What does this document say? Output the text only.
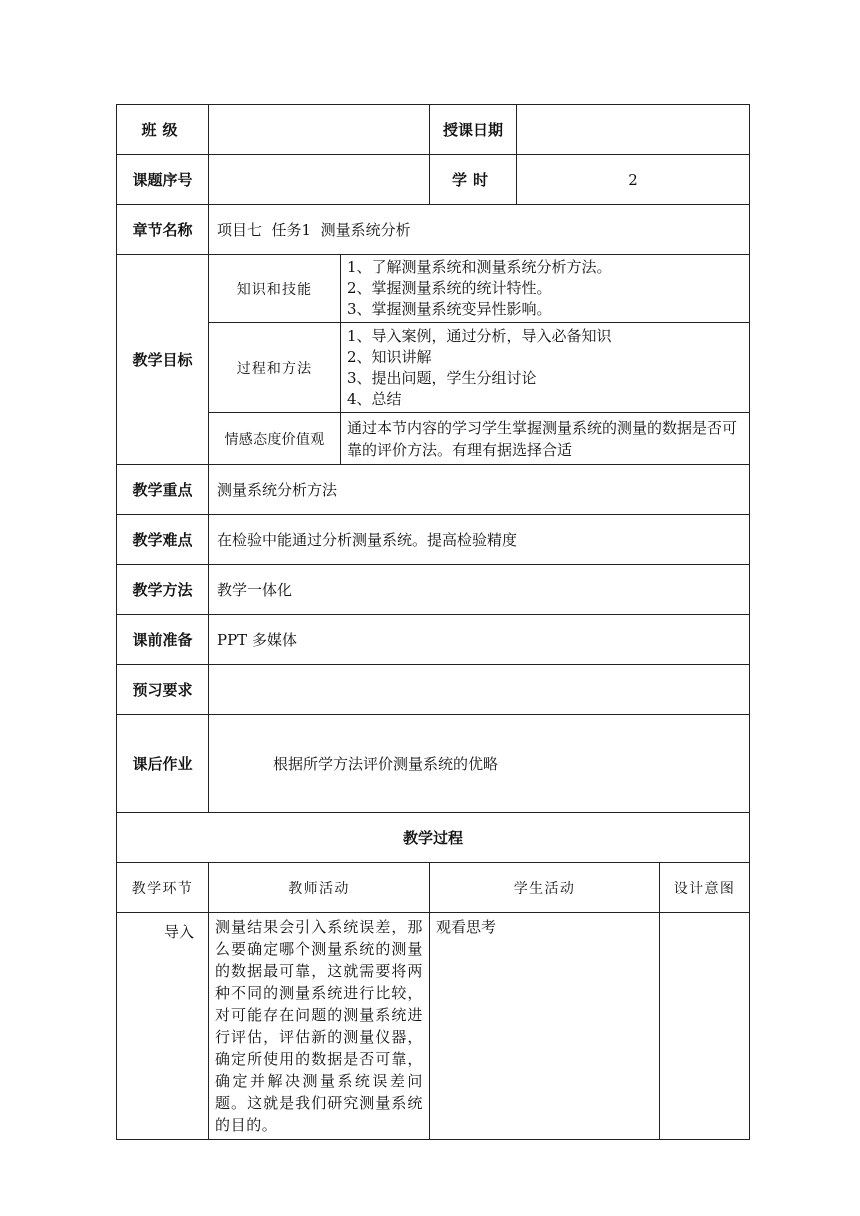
班级			授课日期		
课题序号			学时	2	
章节名称	项目七  任务1  测量系统分析				
教学目标	知识和技能	1、了解测量系统和测量系统分析方法。
2、掌握测量系统的统计特性。
3、掌握测量系统变异性影响。			

	过程和方法	1、导入案例，通过分析，导入必备知识
2、知识讲解
3、提出问题，学生分组讨论
4、总结			

	情感态度价值观	通过本节内容的学习学生掌握测量系统的测量的数据是否可靠的评价方法。有理有据选择合适			
教学重点	测量系统分析方法				
教学难点	在检验中能通过分析测量系统。提高检验精度				
教学方法	教学一体化				
课前准备	PPT 多媒体				
预习要求					
课后作业	根据所学方法评价测量系统的优略				
教学过程					
教学环节	教师活动		学生活动		设计意图
导入	测量结果会引入系统误差，那么要确定哪个测量系统的测量的数据最可靠，这就需要将两种不同的测量系统进行比较，对可能存在问题的测量系统进行评估，评估新的测量仪器，确定所使用的数据是否可靠，确定并解决测量系统误差问题。这就是我们研究测量系统的目的。		观看思考		
